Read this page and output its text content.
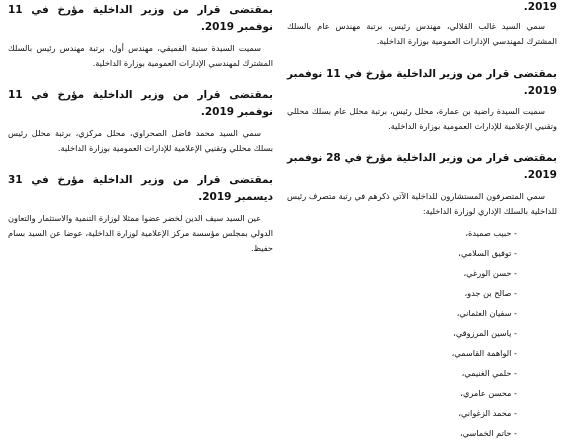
2019.

سمي السيد غالب القلالي، مهندس رئيس، برتبة مهندس عام بالسلك المشترك لمهندسي الإدارات العمومية بوزارة الداخلية.

بمقتضى قرار من وزير الداخلية مؤرخ في 11 نوفمبر 2019.

سميت السيدة راضية بن عمارة، محلل رئيس، برتبة محلل عام بسلك محللي وتقنيي الإعلامية للإدارات العمومية بوزارة الداخلية.

بمقتضى قرار من وزير الداخلية مؤرخ في 28 نوفمبر 2019.

سمي المتصرفون المستشارون للداخلية الآتي ذكرهم في رتبة متصرف رئيس للداخلية بالسلك الإداري لوزارة الداخلية:

- حبيب صميدة،
- توفيق السلامي،
- حسن الورغي،
- صالح بن جدو،
- سفيان العثماني،
- ياسين المرزوقي،
- الواهمة القاسمي،
- حلمي الغنيمي،
- محسن عامري،
- محمد الزغواني،
- حاتم الخماسي،

بمقتضى قرار من وزير الداخلية مؤرخ في 11 نوفمبر 2019.

سميت السيدة سنية الفميقي، مهندس أول، برتبة مهندس رئيس بالسلك المشترك لمهندسي الإدارات العمومية بوزارة الداخلية.

بمقتضى قرار من وزير الداخلية مؤرخ في 11 نوفمبر 2019.

سمي السيد محمد فاضل الصحراوي، محلل مركزي، برتبة محلل رئيس بسلك محللي وتقنيي الإعلامية للإدارات العمومية بوزارة الداخلية.

بمقتضى قرار من وزير الداخلية مؤرخ في 31 ديسمبر 2019.

عين السيد سيف الدين لخضر عضوا ممثلا لوزارة التنمية والاستثمار والتعاون الدولي بمجلس مؤسسة مركز الإعلامية لوزارة الداخلية، عوضا عن السيد بسام حفيظ.
